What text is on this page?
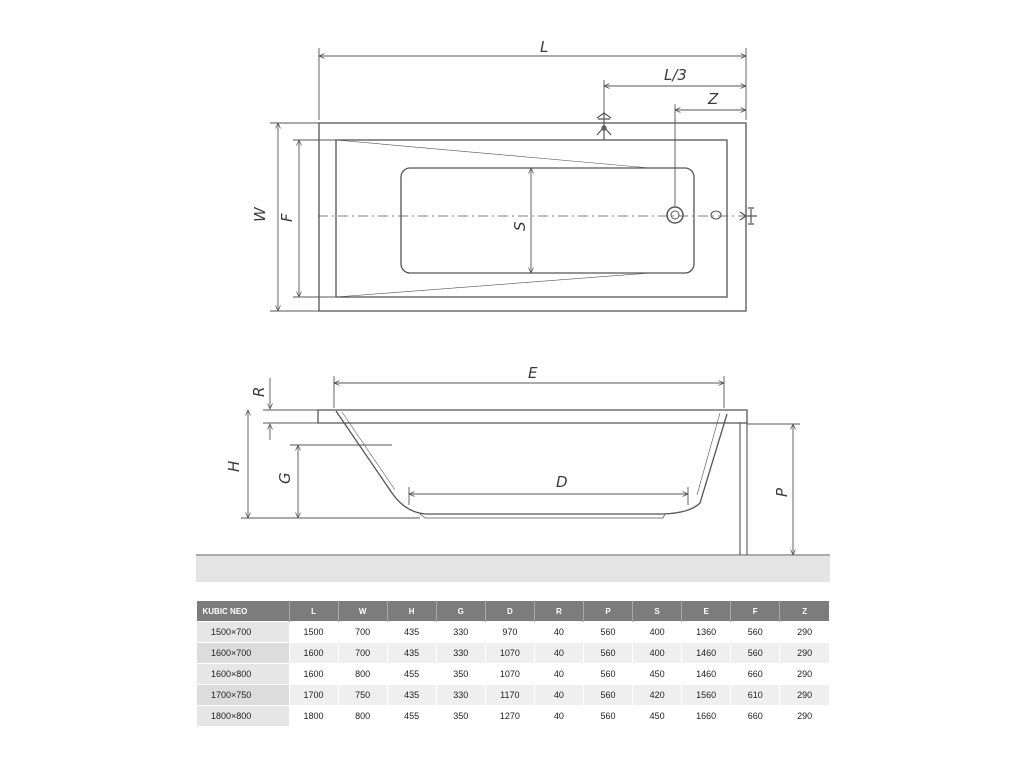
L
L/3
Z
W F
S
E
R
H
G	D
P
KUBIC NEO	L	W	H	G	D	R	P	S	E	F	Z
1500×700	1500	700	435	330	970	40	560	400	1360	560	290
1600×700	1600	700	435	330	1070	40	560	400	1460	560	290
1600×800	1600	800	455	350	1070	40	560	450	1460	660	290
1700×750	1700	750	435	330	1170	40	560	420	1560	610	290
1800×800	1800	800	455	350	1270	40	560	450	1660	660	290
